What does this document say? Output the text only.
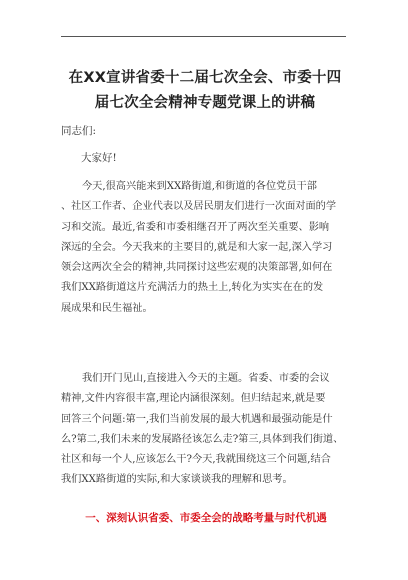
在XX宣讲省委十二届七次全会、市委十四
届七次全会精神专题党课上的讲稿
同志们:
大家好!
今天,很高兴能来到XX路街道,和街道的各位党员干部
、社区工作者、企业代表以及居民朋友们进行一次面对面的学
习和交流。最近,省委和市委相继召开了两次至关重要、影响
深远的全会。今天我来的主要目的,就是和大家一起,深入学习
领会这两次全会的精神,共同探讨这些宏观的决策部署,如何在
我们XX路街道这片充满活力的热土上,转化为实实在在的发
展成果和民生福祉。
我们开门见山,直接进入今天的主题。省委、市委的会议
精神,文件内容很丰富,理论内涵很深刻。但归结起来,就是要
回答三个问题:第一,我们当前发展的最大机遇和最强动能是什
么?第二,我们未来的发展路径该怎么走?第三,具体到我们街道、
社区和每一个人,应该怎么干?今天,我就围绕这三个问题,结合
我们XX路街道的实际,和大家谈谈我的理解和思考。
一、深刻认识省委、市委全会的战略考量与时代机遇
